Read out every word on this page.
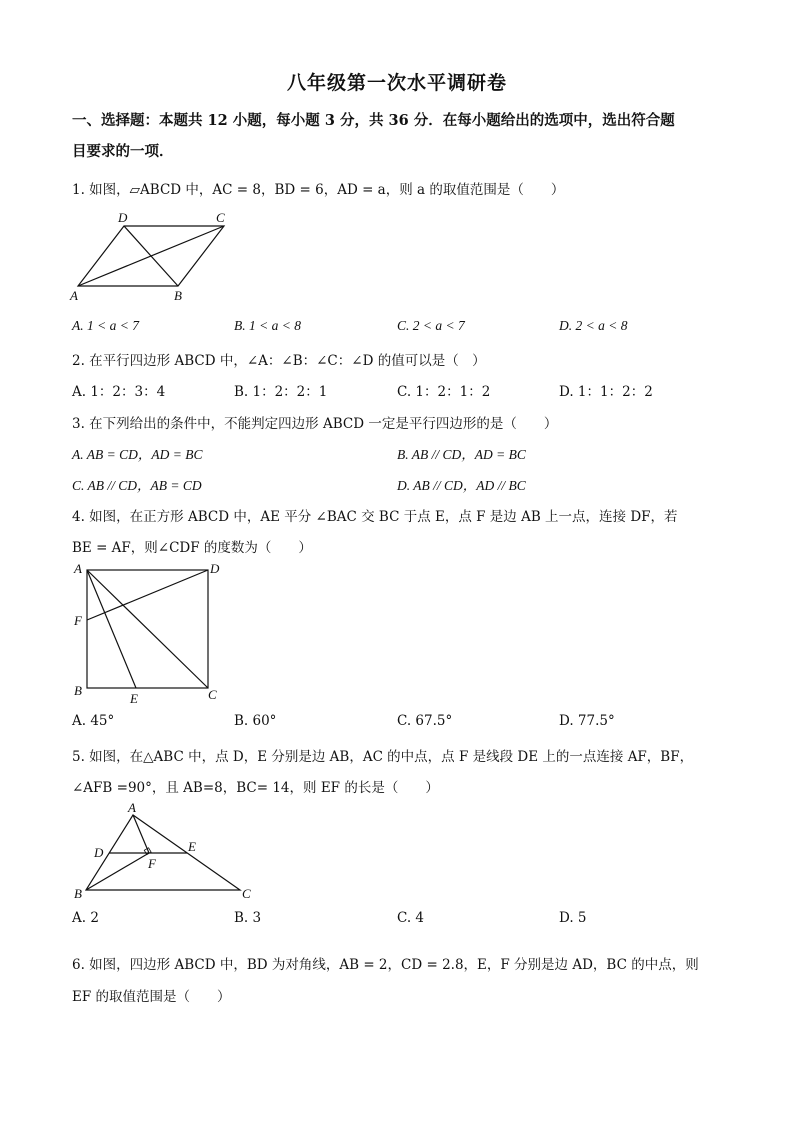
八年级第一次水平调研卷
一、选择题：本题共 12 小题，每小题 3 分，共 36 分．在每小题给出的选项中，选出符合题
目要求的一项．
1. 如图，▱ABCD 中，AC = 8，BD = 6，AD = a，则 a 的取值范围是（　　）
A	B
C
D
A. 1 < a < 7	B. 1 < a < 8	C. 2 < a < 7	D. 2 < a < 8
2. 在平行四边形 ABCD 中，∠A：∠B：∠C：∠D 的值可以是（　）
A. 1：2：3：4	B. 1：2：2：1	C. 1：2：1：2	D. 1：1：2：2
3. 在下列给出的条件中，不能判定四边形 ABCD 一定是平行四边形的是（　　）
A. AB = CD，AD = BC	B. AB // CD，AD = BC
C. AB // CD，AB = CD	D. AB // CD，AD // BC
4. 如图，在正方形 ABCD 中，AE 平分 ∠BAC 交 BC 于点 E，点 F 是边 AB 上一点，连接 DF，若
BE = AF，则∠CDF 的度数为（　　）
A
B	C
D
E
F
A. 45°	B. 60°	C. 67.5°	D. 77.5°
5. 如图，在△ABC 中，点 D，E 分别是边 AB，AC 的中点，点 F 是线段 DE 上的一点连接 AF，BF，
∠AFB =90°，且 AB=8，BC= 14，则 EF 的长是（　　）
A
B	C
D	E
F
A. 2	B. 3	C. 4	D. 5
6. 如图，四边形 ABCD 中，BD 为对角线，AB = 2，CD = 2.8，E，F 分别是边 AD，BC 的中点，则
EF 的取值范围是（　　）
